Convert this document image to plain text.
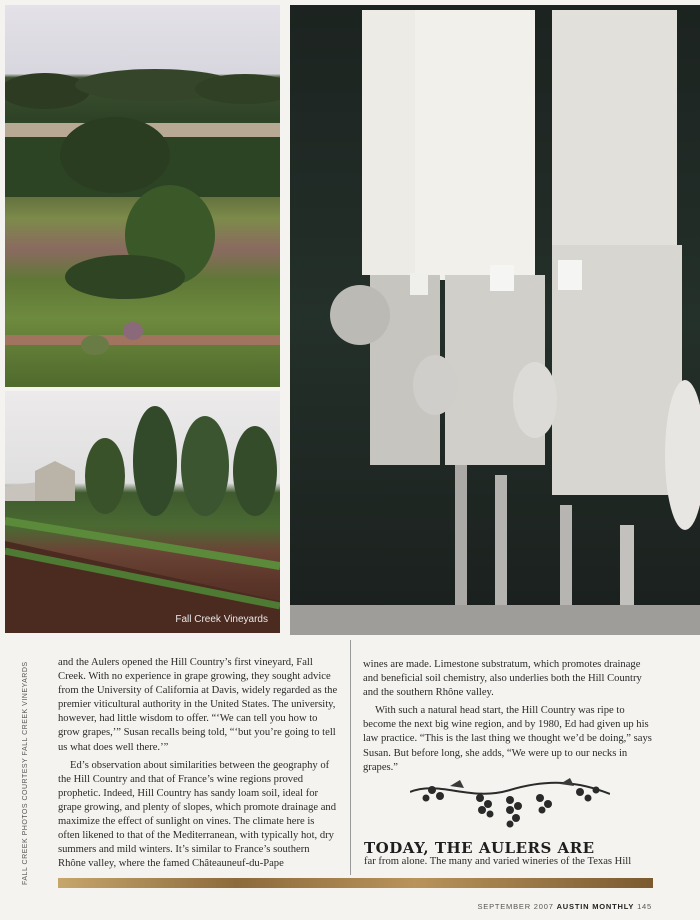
Fall Creek Vineyards
FALL CREEK PHOTOS COURTESY FALL CREEK VINEYARDS	and the Aulers opened the Hill Country’s first vineyard, Fall Creek. With no experience in grape growing, they sought advice from the University of California at Davis, widely regarded as the premier viticultural authority in the United States. The university, however, had little wisdom to offer. “‘We can tell you how to grow grapes,’” Susan recalls being told, “‘but you’re going to tell us what does well there.’”

Ed’s observation about similarities between the geography of the Hill Country and that of France’s wine regions proved prophetic. Indeed, Hill Country has sandy loam soil, ideal for grape growing, and plenty of slopes, which promote drainage and maximize the effect of sunlight on vines. The climate here is often likened to that of the Mediterranean, with typically hot, dry summers and mild winters. It’s similar to France’s southern Rhône valley, where the famed Châteauneuf-du-Pape

wines are made. Limestone substratum, which promotes drainage and beneficial soil chemistry, also underlies both the Hill Country and the southern Rhône valley.

With such a natural head start, the Hill Country was ripe to become the next big wine region, and by 1980, Ed had given up his law practice. “This is the last thing we thought we’d be doing,” says Susan. But before long, she adds, “We were up to our necks in grapes.”

TODAY, THE AULERS ARE
far from alone. The many and varied wineries of the Texas Hill
SEPTEMBER 2007 AUSTIN MONTHLY 145
